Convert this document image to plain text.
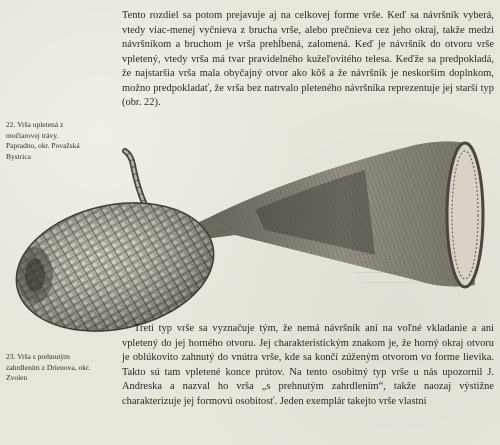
Tento rozdiel sa potom prejavuje aj na celkovej forme vrše. Keď sa návršník vyberá, vtedy viac-menej vyčnieva z brucha vrše, alebo prečnieva cez jeho okraj, takže medzi návršníkom a bruchom je vrša prehĺbená, zalomená. Keď je návršník do otvoru vrše vpletený, vtedy vrša má tvar pravidelného kužeľovitého telesa. Keďže sa predpokladá, že najstaršia vrša mala obyčajný otvor ako kôš a že návršník je neskorším doplnkom, možno predpokladať, že vrša bez natrvalo pleteného návršníka reprezentuje jej starší typ (obr. 22).

22. Vrša upletená z močiarovej trávy. Papradno, okr. Považská Bystrica
23. Vrša s prehnutým zahrdlením z Drienova, okr. Zvolen

Tretí typ vrše sa vyznačuje tým, že nemá návršník ani na voľné vkladanie a ani vpletený do jej horného otvoru. Jej charakteristickým znakom je, že horný okraj otvoru je oblúkovito zahnutý do vnútra vrše, kde sa končí zúženým otvorom vo forme lievika. Takto sú tam vpletené konce prútov. Na tento osobitný typ vrše u nás upozornil J. Andreska a nazval ho vrša „s prehnutým zahrdlením“, takže naozaj výstižne charakterizuje jej formovú osobitosť. Jeden exemplár takejto vrše vlastní
